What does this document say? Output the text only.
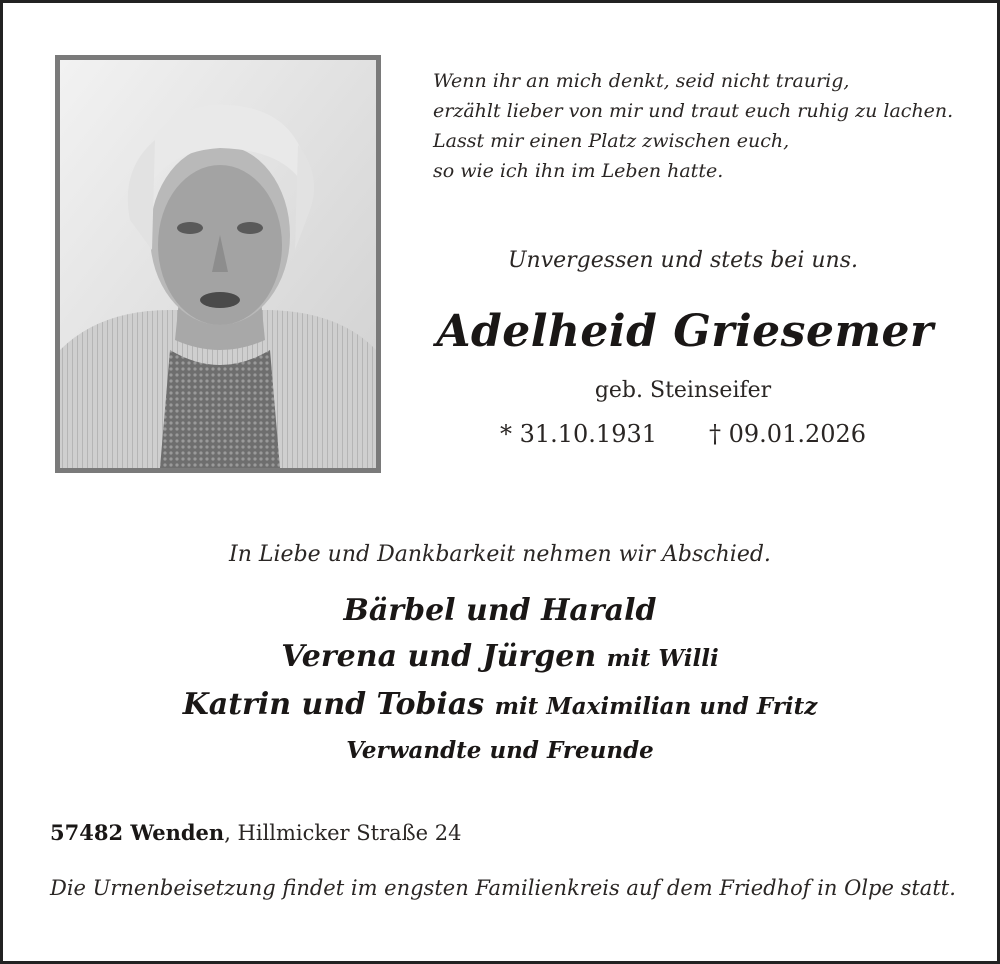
Wenn ihr an mich denkt, seid nicht traurig,
erzählt lieber von mir und traut euch ruhig zu lachen.
Lasst mir einen Platz zwischen euch,
so wie ich ihn im Leben hatte.
Unvergessen und stets bei uns.
Adelheid Griesemer
geb. Steinseifer
* 31.10.1931 † 09.01.2026
In Liebe und Dankbarkeit nehmen wir Abschied.
Bärbel und Harald
Verena und Jürgen mit Willi
Katrin und Tobias mit Maximilian und Fritz
Verwandte und Freunde
57482 Wenden, Hillmicker Straße 24
Die Urnenbeisetzung findet im engsten Familienkreis auf dem Friedhof in Olpe statt.
